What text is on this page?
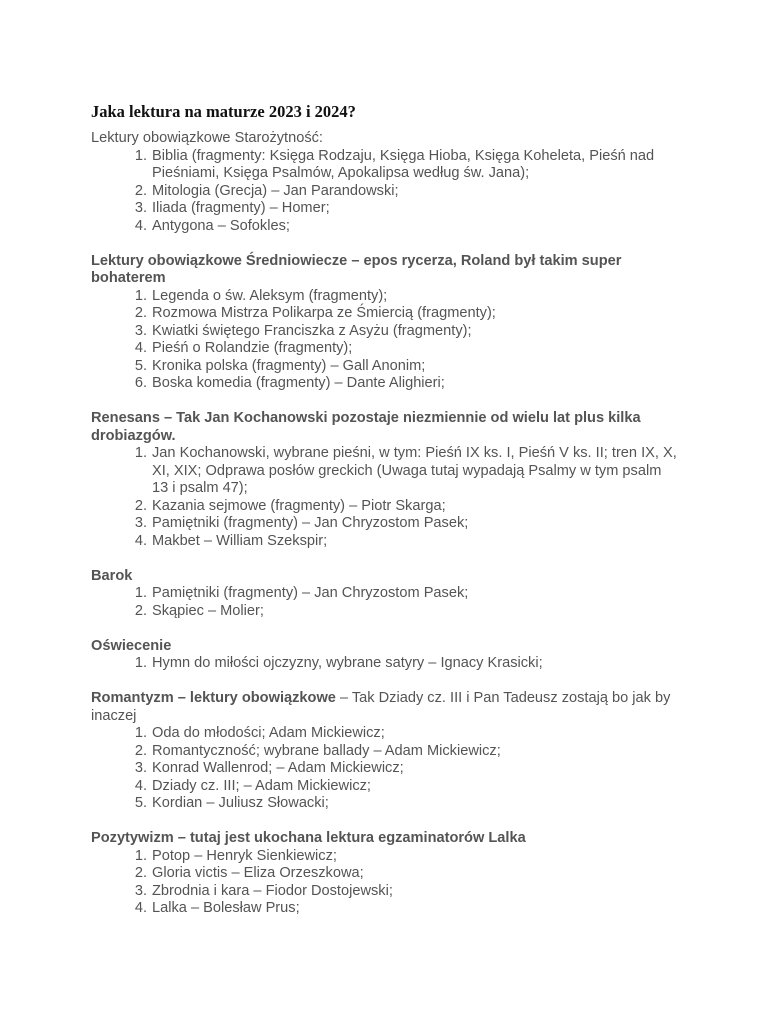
Jaka lektura na maturze 2023 i 2024?
Lektury obowiązkowe Starożytność:
1. Biblia (fragmenty: Księga Rodzaju, Księga Hioba, Księga Koheleta, Pieśń nad Pieśniami, Księga Psalmów, Apokalipsa według św. Jana);
2. Mitologia (Grecja) – Jan Parandowski;
3. Iliada (fragmenty) – Homer;
4. Antygona – Sofokles;
Lektury obowiązkowe Średniowiecze – epos rycerza, Roland był takim super bohaterem
1. Legenda o św. Aleksym (fragmenty);
2. Rozmowa Mistrza Polikarpa ze Śmiercią (fragmenty);
3. Kwiatki świętego Franciszka z Asyżu (fragmenty);
4. Pieśń o Rolandzie (fragmenty);
5. Kronika polska (fragmenty) – Gall Anonim;
6. Boska komedia (fragmenty) – Dante Alighieri;
Renesans – Tak Jan Kochanowski pozostaje niezmiennie od wielu lat plus kilka drobiazgów.
1. Jan Kochanowski, wybrane pieśni, w tym: Pieśń IX ks. I, Pieśń V ks. II; tren IX, X, XI, XIX; Odprawa posłów greckich (Uwaga tutaj wypadają Psalmy w tym psalm 13 i psalm 47);
2. Kazania sejmowe (fragmenty) – Piotr Skarga;
3. Pamiętniki (fragmenty) – Jan Chryzostom Pasek;
4. Makbet – William Szekspir;
Barok
1. Pamiętniki (fragmenty) – Jan Chryzostom Pasek;
2. Skąpiec – Molier;
Oświecenie
1. Hymn do miłości ojczyzny, wybrane satyry – Ignacy Krasicki;
Romantyzm – lektury obowiązkowe – Tak Dziady cz. III i Pan Tadeusz zostają bo jak by inaczej
1. Oda do młodości; Adam Mickiewicz;
2. Romantyczność; wybrane ballady – Adam Mickiewicz;
3. Konrad Wallenrod; – Adam Mickiewicz;
4. Dziady cz. III; – Adam Mickiewicz;
5. Kordian – Juliusz Słowacki;
Pozytywizm – tutaj jest ukochana lektura egzaminatorów Lalka
1. Potop – Henryk Sienkiewicz;
2. Gloria victis – Eliza Orzeszkowa;
3. Zbrodnia i kara – Fiodor Dostojewski;
4. Lalka – Bolesław Prus;
